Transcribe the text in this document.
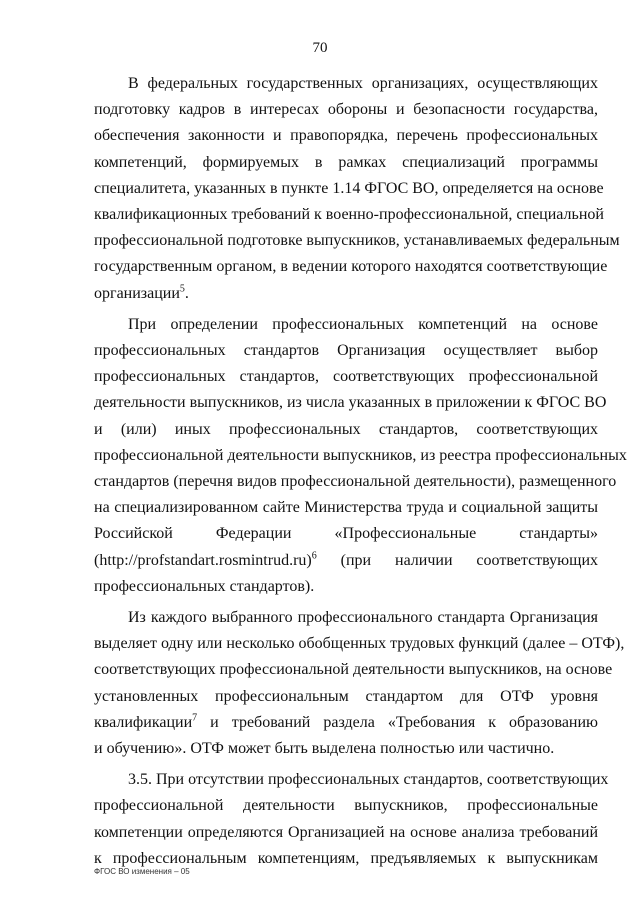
70

В федеральных государственных организациях, осуществляющих
подготовку кадров в интересах обороны и безопасности государства,
обеспечения законности и правопорядка, перечень профессиональных
компетенций, формируемых в рамках специализаций программы
специалитета, указанных в пункте 1.14 ФГОС ВО, определяется на основе
квалификационных требований к военно-профессиональной, специальной
профессиональной подготовке выпускников, устанавливаемых федеральным
государственным органом, в ведении которого находятся соответствующие
организации$^5$.

При определении профессиональных компетенций на основе
профессиональных стандартов Организация осуществляет выбор
профессиональных стандартов, соответствующих профессиональной
деятельности выпускников, из числа указанных в приложении к ФГОС ВО
и (или) иных профессиональных стандартов, соответствующих
профессиональной деятельности выпускников, из реестра профессиональных
стандартов (перечня видов профессиональной деятельности), размещенного
на специализированном сайте Министерства труда и социальной защиты
Российской Федерации «Профессиональные стандарты»
(http://profstandart.rosmintrud.ru)$^6$ (при наличии соответствующих
профессиональных стандартов).

Из каждого выбранного профессионального стандарта Организация
выделяет одну или несколько обобщенных трудовых функций (далее – ОТФ),
соответствующих профессиональной деятельности выпускников, на основе
установленных профессиональным стандартом для ОТФ уровня
квалификации$^7$ и требований раздела «Требования к образованию
и обучению». ОТФ может быть выделена полностью или частично.

3.5. При отсутствии профессиональных стандартов, соответствующих
профессиональной деятельности выпускников, профессиональные
компетенции определяются Организацией на основе анализа требований
к профессиональным компетенциям, предъявляемых к выпускникам

ФГОС ВО изменения – 05
